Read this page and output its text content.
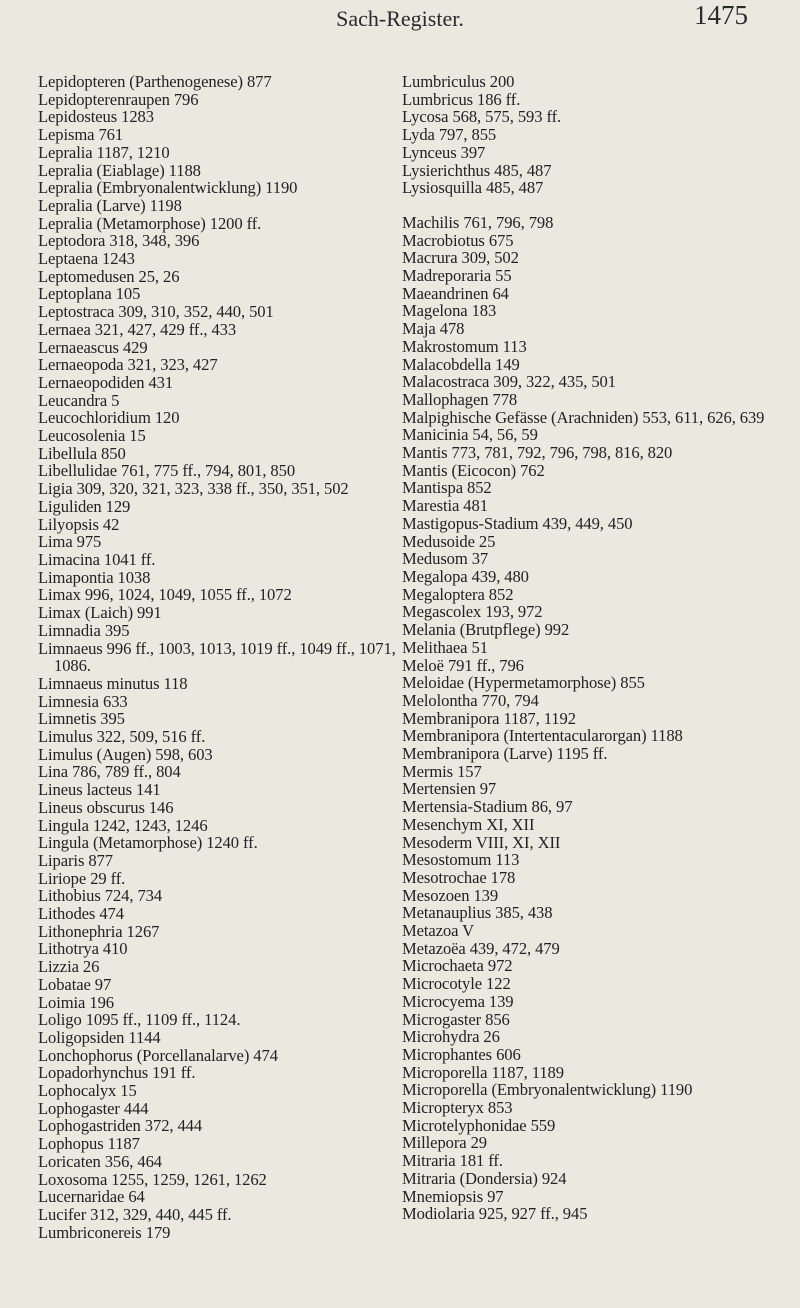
Sach-Register.	1475
Lepidopteren (Parthenogenese) 877
Lepidopterenraupen 796
Lepidosteus 1283
Lepisma 761
Lepralia 1187, 1210
Lepralia (Eiablage) 1188
Lepralia (Embryonalentwicklung) 1190
Lepralia (Larve) 1198
Lepralia (Metamorphose) 1200 ff.
Leptodora 318, 348, 396
Leptaena 1243
Leptomedusen 25, 26
Leptoplana 105
Leptostraca 309, 310, 352, 440, 501
Lernaea 321, 427, 429 ff., 433
Lernaeascus 429
Lernaeopoda 321, 323, 427
Lernaeopodiden 431
Leucandra 5
Leucochloridium 120
Leucosolenia 15
Libellula 850
Libellulidae 761, 775 ff., 794, 801, 850
Ligia 309, 320, 321, 323, 338 ff., 350, 351, 502
Liguliden 129
Lilyopsis 42
Lima 975
Limacina 1041 ff.
Limapontia 1038
Limax 996, 1024, 1049, 1055 ff., 1072
Limax (Laich) 991
Limnadia 395
Limnaeus 996 ff., 1003, 1013, 1019 ff., 1049 ff., 1071, 1086.
Limnaeus minutus 118
Limnesia 633
Limnetis 395
Limulus 322, 509, 516 ff.
Limulus (Augen) 598, 603
Lina 786, 789 ff., 804
Lineus lacteus 141
Lineus obscurus 146
Lingula 1242, 1243, 1246
Lingula (Metamorphose) 1240 ff.
Liparis 877
Liriope 29 ff.
Lithobius 724, 734
Lithodes 474
Lithonephria 1267
Lithotrya 410
Lizzia 26
Lobatae 97
Loimia 196
Loligo 1095 ff., 1109 ff., 1124.
Loligopsiden 1144
Lonchophorus (Porcellanalarve) 474
Lopadorhynchus 191 ff.
Lophocalyx 15
Lophogaster 444
Lophogastriden 372, 444
Lophopus 1187
Loricaten 356, 464
Loxosoma 1255, 1259, 1261, 1262
Lucernaridae 64
Lucifer 312, 329, 440, 445 ff.
Lumbriconereis 179
Lumbriculus 200
Lumbricus 186 ff.
Lycosa 568, 575, 593 ff.
Lyda 797, 855
Lynceus 397
Lysierichthus 485, 487
Lysiosquilla 485, 487
Machilis 761, 796, 798
Macrobiotus 675
Macrura 309, 502
Madreporaria 55
Maeandrinen 64
Magelona 183
Maja 478
Makrostomum 113
Malacobdella 149
Malacostraca 309, 322, 435, 501
Mallophagen 778
Malpighische Gefässe (Arachniden) 553, 611, 626, 639
Manicinia 54, 56, 59
Mantis 773, 781, 792, 796, 798, 816, 820
Mantis (Eicocon) 762
Mantispa 852
Marestia 481
Mastigopus-Stadium 439, 449, 450
Medusoide 25
Medusom 37
Megalopa 439, 480
Megaloptera 852
Megascolex 193, 972
Melania (Brutpflege) 992
Melithaea 51
Meloë 791 ff., 796
Meloidae (Hypermetamorphose) 855
Melolontha 770, 794
Membranipora 1187, 1192
Membranipora (Intertentacularorgan) 1188
Membranipora (Larve) 1195 ff.
Mermis 157
Mertensien 97
Mertensia-Stadium 86, 97
Mesenchym XI, XII
Mesoderm VIII, XI, XII
Mesostomum 113
Mesotrochae 178
Mesozoen 139
Metanauplius 385, 438
Metazoa V
Metazoëa 439, 472, 479
Microchaeta 972
Microcotyle 122
Microcyema 139
Microgaster 856
Microhydra 26
Microphantes 606
Microporella 1187, 1189
Microporella (Embryonalentwicklung) 1190
Micropteryx 853
Microtelyphonidae 559
Millepora 29
Mitraria 181 ff.
Mitraria (Dondersia) 924
Mnemiopsis 97
Modiolaria 925, 927 ff., 945
